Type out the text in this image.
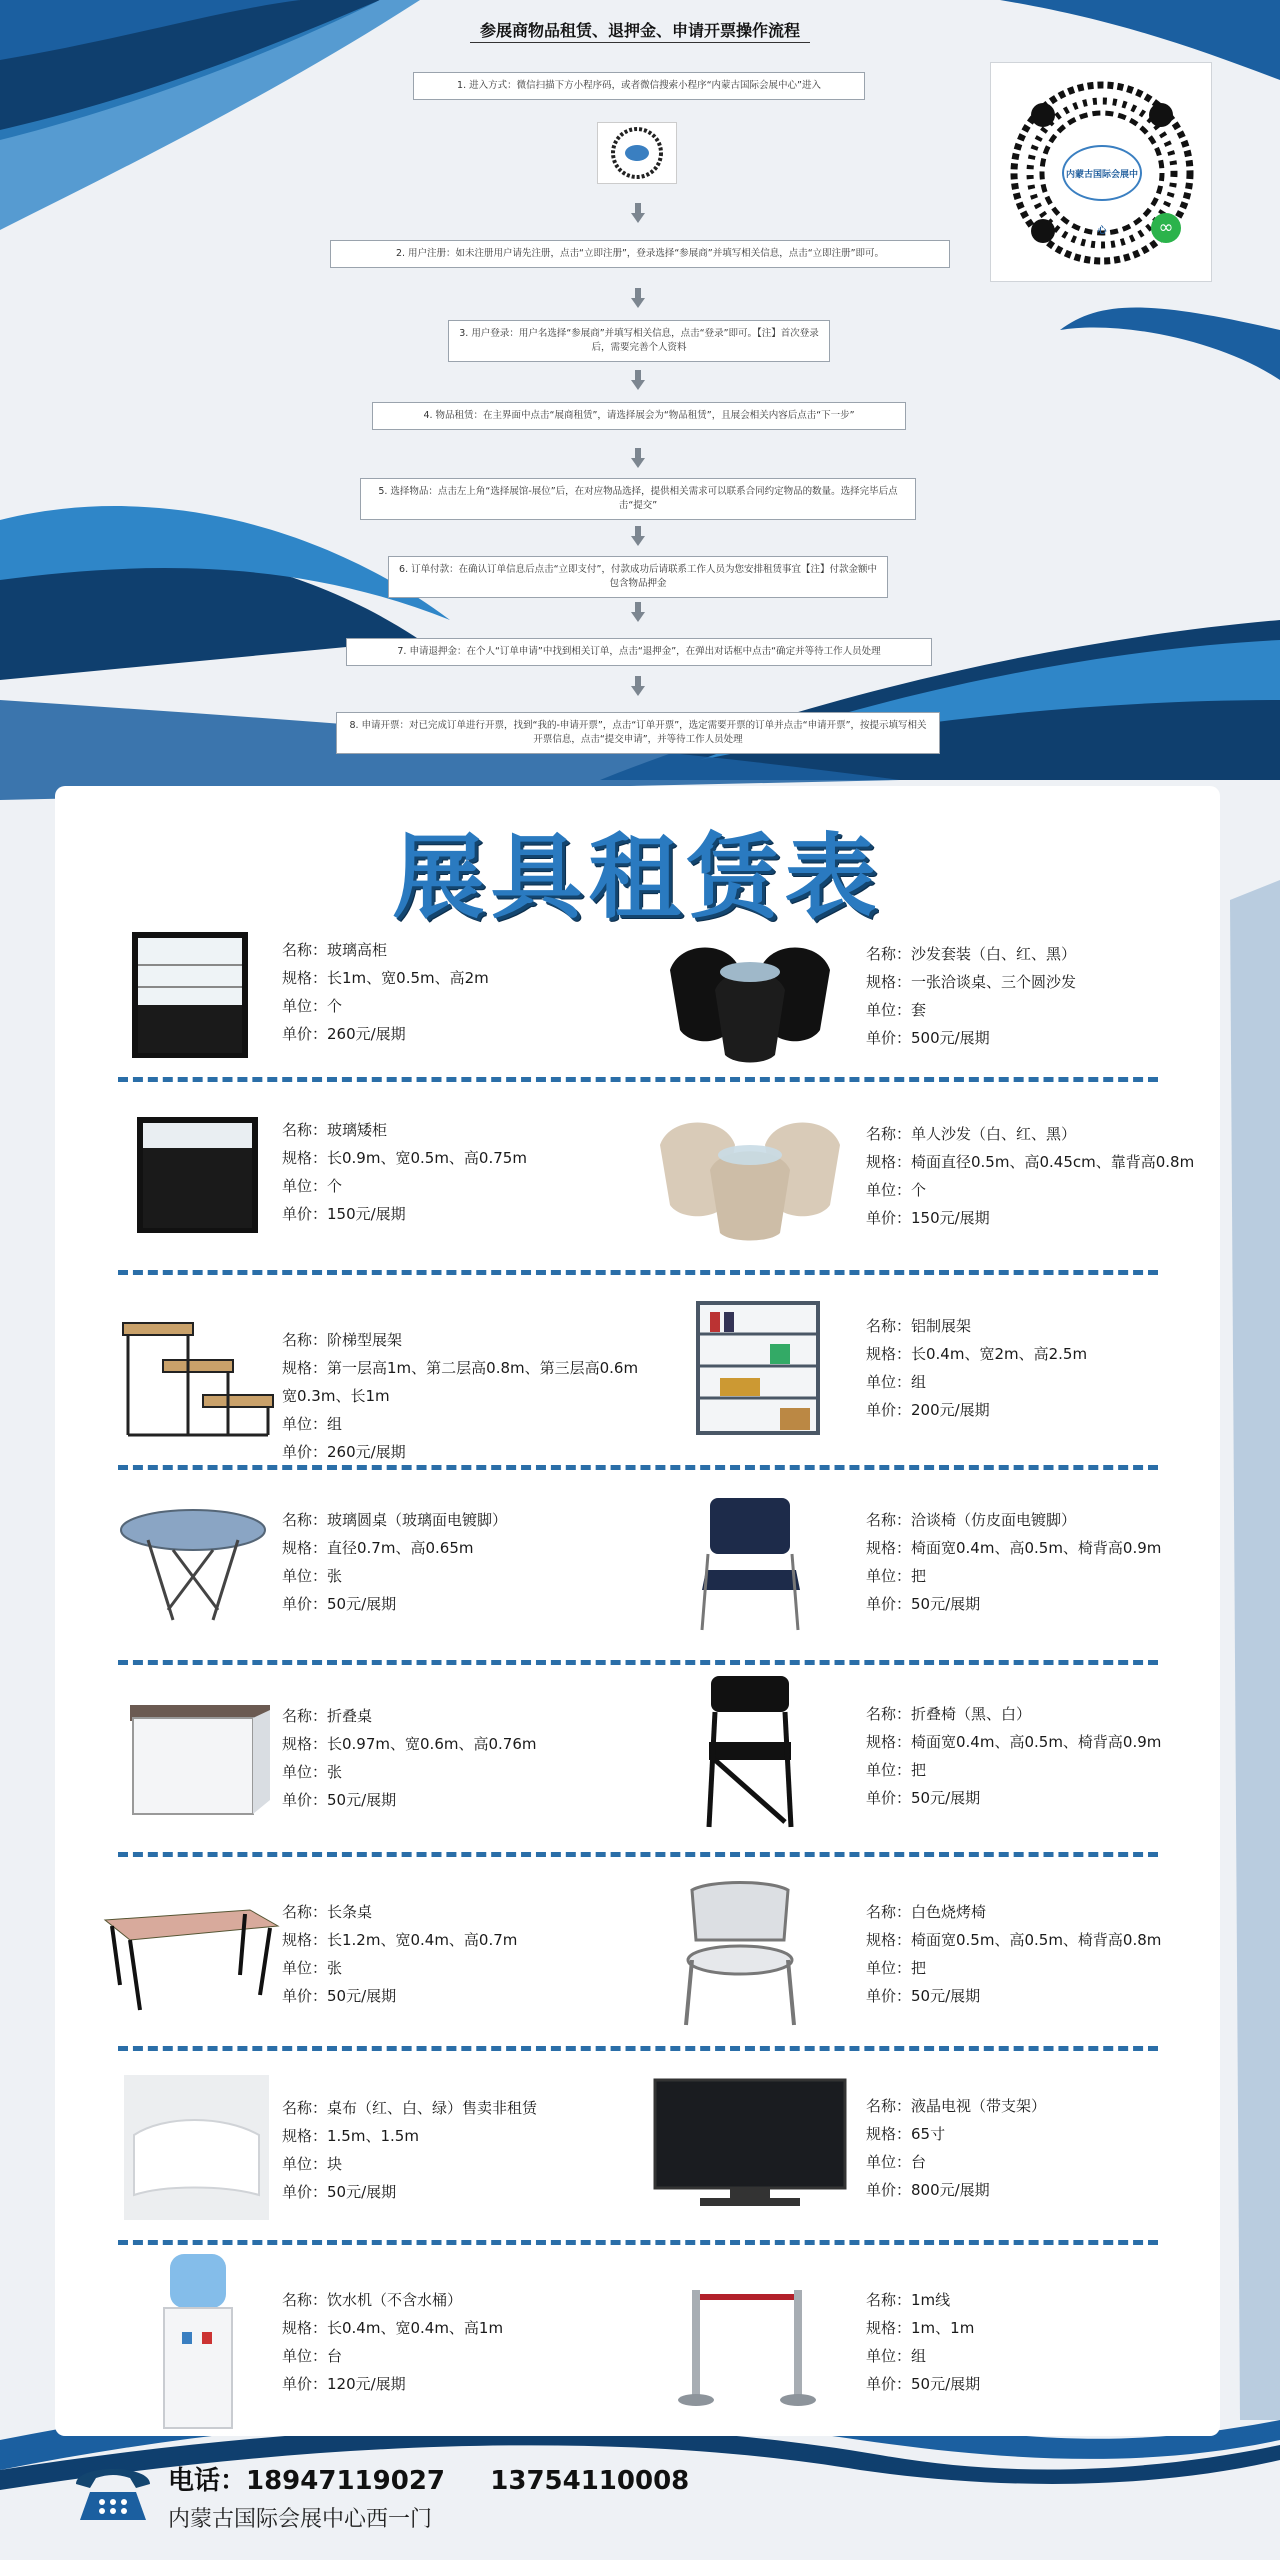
参展商物品租赁、退押金、申请开票操作流程
1. 进入方式：微信扫描下方小程序码，或者微信搜索小程序“内蒙古国际会展中心”进入
2. 用户注册：如未注册用户请先注册，点击“立即注册”，登录选择“参展商”并填写相关信息，点击“立即注册”即可。
3. 用户登录：用户名选择“参展商”并填写相关信息，点击“登录”即可。【注】首次登录后，需要完善个人资料
4. 物品租赁：在主界面中点击“展商租赁”，请选择展会为“物品租赁”，且展会相关内容后点击“下一步”
5. 选择物品：点击左上角“选择展馆-展位”后，在对应物品选择，提供相关需求可以联系合同约定物品的数量。选择完毕后点击“提交”
6. 订单付款：在确认订单信息后点击“立即支付”，付款成功后请联系工作人员为您安排租赁事宜【注】付款金额中包含物品押金
7. 申请退押金：在个人“订单申请”中找到相关订单，点击“退押金”，在弹出对话框中点击“确定并等待工作人员处理
8. 申请开票：对已完成订单进行开票，找到“我的-申请开票”，点击“订单开票”，选定需要开票的订单并点击“申请开票”，按提示填写相关开票信息，点击“提交申请”，并等待工作人员处理
内蒙古国际会展中心	∞
展具租赁表
名称：玻璃高柜
规格：长1m、宽0.5m、高2m
单位：个
单价：260元/展期
名称：沙发套装（白、红、黑）
规格：一张洽谈桌、三个圆沙发
单位：套
单价：500元/展期
名称：玻璃矮柜
规格：长0.9m、宽0.5m、高0.75m
单位：个
单价：150元/展期
名称：单人沙发（白、红、黑）
规格：椅面直径0.5m、高0.45cm、靠背高0.8m
单位：个
单价：150元/展期
名称：阶梯型展架
规格：第一层高1m、第二层高0.8m、第三层高0.6m
宽0.3m、长1m
单位：组
单价：260元/展期
名称：铝制展架
规格：长0.4m、宽2m、高2.5m
单位：组
单价：200元/展期
名称：玻璃圆桌（玻璃面电镀脚）
规格：直径0.7m、高0.65m
单位：张
单价：50元/展期
名称：洽谈椅（仿皮面电镀脚）
规格：椅面宽0.4m、高0.5m、椅背高0.9m
单位：把
单价：50元/展期
名称：折叠桌
规格：长0.97m、宽0.6m、高0.76m
单位：张
单价：50元/展期
名称：折叠椅（黑、白）
规格：椅面宽0.4m、高0.5m、椅背高0.9m
单位：把
单价：50元/展期
名称：长条桌
规格：长1.2m、宽0.4m、高0.7m
单位：张
单价：50元/展期
名称：白色烧烤椅
规格：椅面宽0.5m、高0.5m、椅背高0.8m
单位：把
单价：50元/展期
名称：桌布（红、白、绿）售卖非租赁
规格：1.5m、1.5m
单位：块
单价：50元/展期
名称：液晶电视（带支架）
规格：65寸
单位：台
单价：800元/展期
名称：饮水机（不含水桶）
规格：长0.4m、宽0.4m、高1m
单位：台
单价：120元/展期
名称：1m线
规格：1m、1m
单位：组
单价：50元/展期
电话：18947119027     13754110008
内蒙古国际会展中心西一门
